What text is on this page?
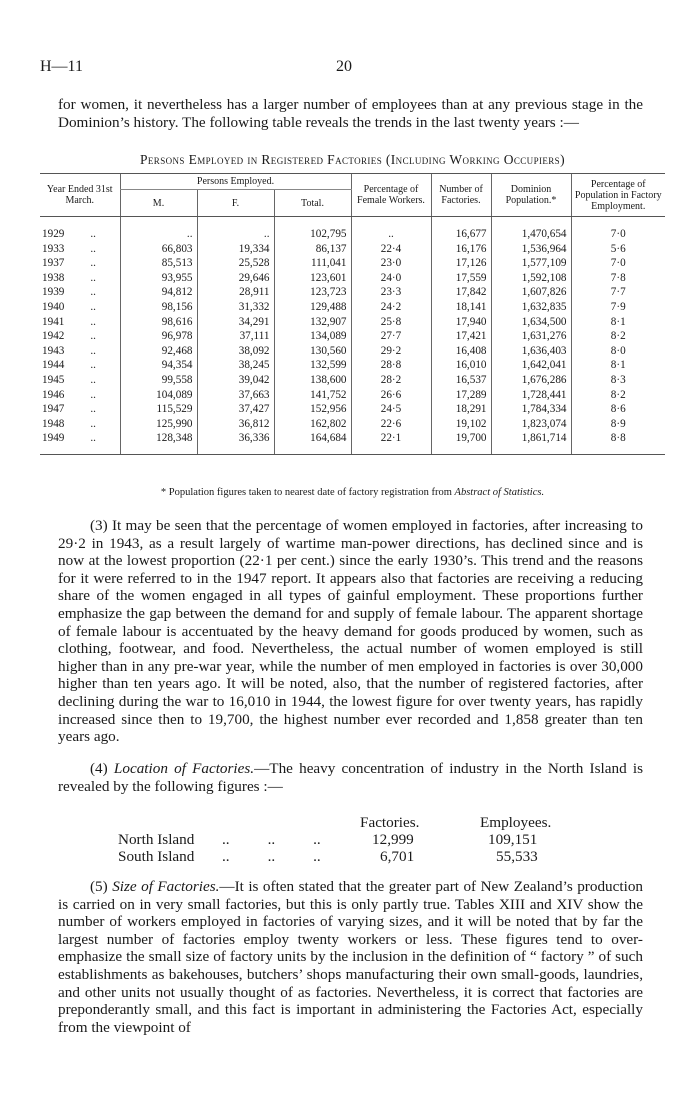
H—11	20

for women, it nevertheless has a larger number of employees than at any previous stage in the Dominion’s history. The following table reveals the trends in the last twenty years :—

Persons Employed in Registered Factories (Including Working Occupiers)
Year Ended 31st March.	Persons Employed.			Percentage of Female Workers.	Number of Factories.	Dominion Population.*	Percentage of Population in Factory Employment.
	M.	F.	Total.				
1929 ..	..	..	102,795	..	16,677	1,470,654	7·0
1933 ..	66,803	19,334	86,137	22·4	16,176	1,536,964	5·6
1937 ..	85,513	25,528	111,041	23·0	17,126	1,577,109	7·0
1938 ..	93,955	29,646	123,601	24·0	17,559	1,592,108	7·8
1939 ..	94,812	28,911	123,723	23·3	17,842	1,607,826	7·7
1940 ..	98,156	31,332	129,488	24·2	18,141	1,632,835	7·9
1941 ..	98,616	34,291	132,907	25·8	17,940	1,634,500	8·1
1942 ..	96,978	37,111	134,089	27·7	17,421	1,631,276	8·2
1943 ..	92,468	38,092	130,560	29·2	16,408	1,636,403	8·0
1944 ..	94,354	38,245	132,599	28·8	16,010	1,642,041	8·1
1945 ..	99,558	39,042	138,600	28·2	16,537	1,676,286	8·3
1946 ..	104,089	37,663	141,752	26·6	17,289	1,728,441	8·2
1947 ..	115,529	37,427	152,956	24·5	18,291	1,784,334	8·6
1948 ..	125,990	36,812	162,802	22·6	19,102	1,823,074	8·9
1949 ..	128,348	36,336	164,684	22·1	19,700	1,861,714	8·8
* Population figures taken to nearest date of factory registration from Abstract of Statistics.

(3) It may be seen that the percentage of women employed in factories, after increasing to 29·2 in 1943, as a result largely of wartime man-power directions, has declined since and is now at the lowest proportion (22·1 per cent.) since the early 1930’s. This trend and the reasons for it were referred to in the 1947 report. It appears also that factories are receiving a reducing share of the women engaged in all types of gainful employment. These proportions further emphasize the gap between the demand for and supply of female labour. The apparent shortage of female labour is accentuated by the heavy demand for goods produced by women, such as clothing, footwear, and food. Nevertheless, the actual number of women employed is still higher than in any pre-war year, while the number of men employed in factories is over 30,000 higher than ten years ago. It will be noted, also, that the number of registered factories, after declining during the war to 16,010 in 1944, the lowest figure for over twenty years, has rapidly increased since then to 19,700, the highest number ever recorded and 1,858 greater than ten years ago.

(4) Location of Factories.—The heavy concentration of industry in the North Island is revealed by the following figures :—

Factories.	Employees.
North Island ..          ..          ..	12,999	109,151
South Island ..          ..          ..	6,701	55,533

(5) Size of Factories.—It is often stated that the greater part of New Zealand’s production is carried on in very small factories, but this is only partly true. Tables XIII and XIV show the number of workers employed in factories of varying sizes, and it will be noted that by far the largest number of factories employ twenty workers or less. These figures tend to over-emphasize the small size of factory units by the inclusion in the definition of “ factory ” of such establishments as bakehouses, butchers’ shops manufacturing their own small-goods, laundries, and other units not usually thought of as factories. Nevertheless, it is correct that factories are preponderantly small, and this fact is important in administering the Factories Act, especially from the viewpoint of
